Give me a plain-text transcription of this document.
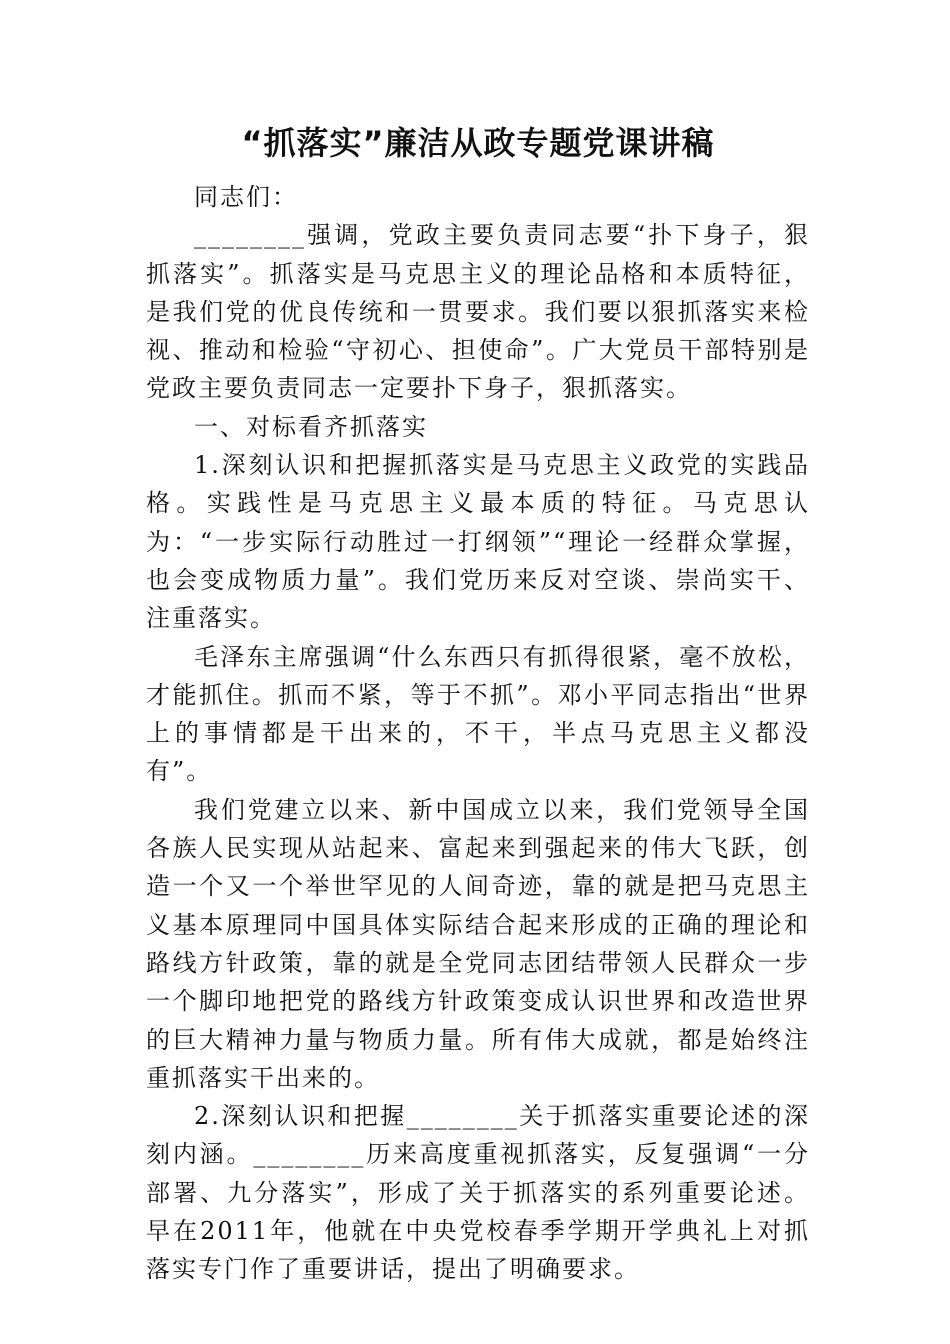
“抓落实”廉洁从政专题党课讲稿

同志们：

________强调，党政主要负责同志要“扑下身子，狠抓落实”。抓落实是马克思主义的理论品格和本质特征，是我们党的优良传统和一贯要求。我们要以狠抓落实来检视、推动和检验“守初心、担使命”。广大党员干部特别是党政主要负责同志一定要扑下身子，狠抓落实。

一、对标看齐抓落实

1.深刻认识和把握抓落实是马克思主义政党的实践品格。实践性是马克思主义最本质的特征。马克思认为：“一步实际行动胜过一打纲领”“理论一经群众掌握，也会变成物质力量”。我们党历来反对空谈、崇尚实干、注重落实。

毛泽东主席强调“什么东西只有抓得很紧，毫不放松，才能抓住。抓而不紧，等于不抓”。邓小平同志指出“世界上的事情都是干出来的，不干，半点马克思主义都没有”。

我们党建立以来、新中国成立以来，我们党领导全国各族人民实现从站起来、富起来到强起来的伟大飞跃，创造一个又一个举世罕见的人间奇迹，靠的就是把马克思主义基本原理同中国具体实际结合起来形成的正确的理论和路线方针政策，靠的就是全党同志团结带领人民群众一步一个脚印地把党的路线方针政策变成认识世界和改造世界的巨大精神力量与物质力量。所有伟大成就，都是始终注重抓落实干出来的。

2.深刻认识和把握________关于抓落实重要论述的深刻内涵。________历来高度重视抓落实，反复强调“一分部署、九分落实”，形成了关于抓落实的系列重要论述。早在2011年，他就在中央党校春季学期开学典礼上对抓落实专门作了重要讲话，提出了明确要求。
